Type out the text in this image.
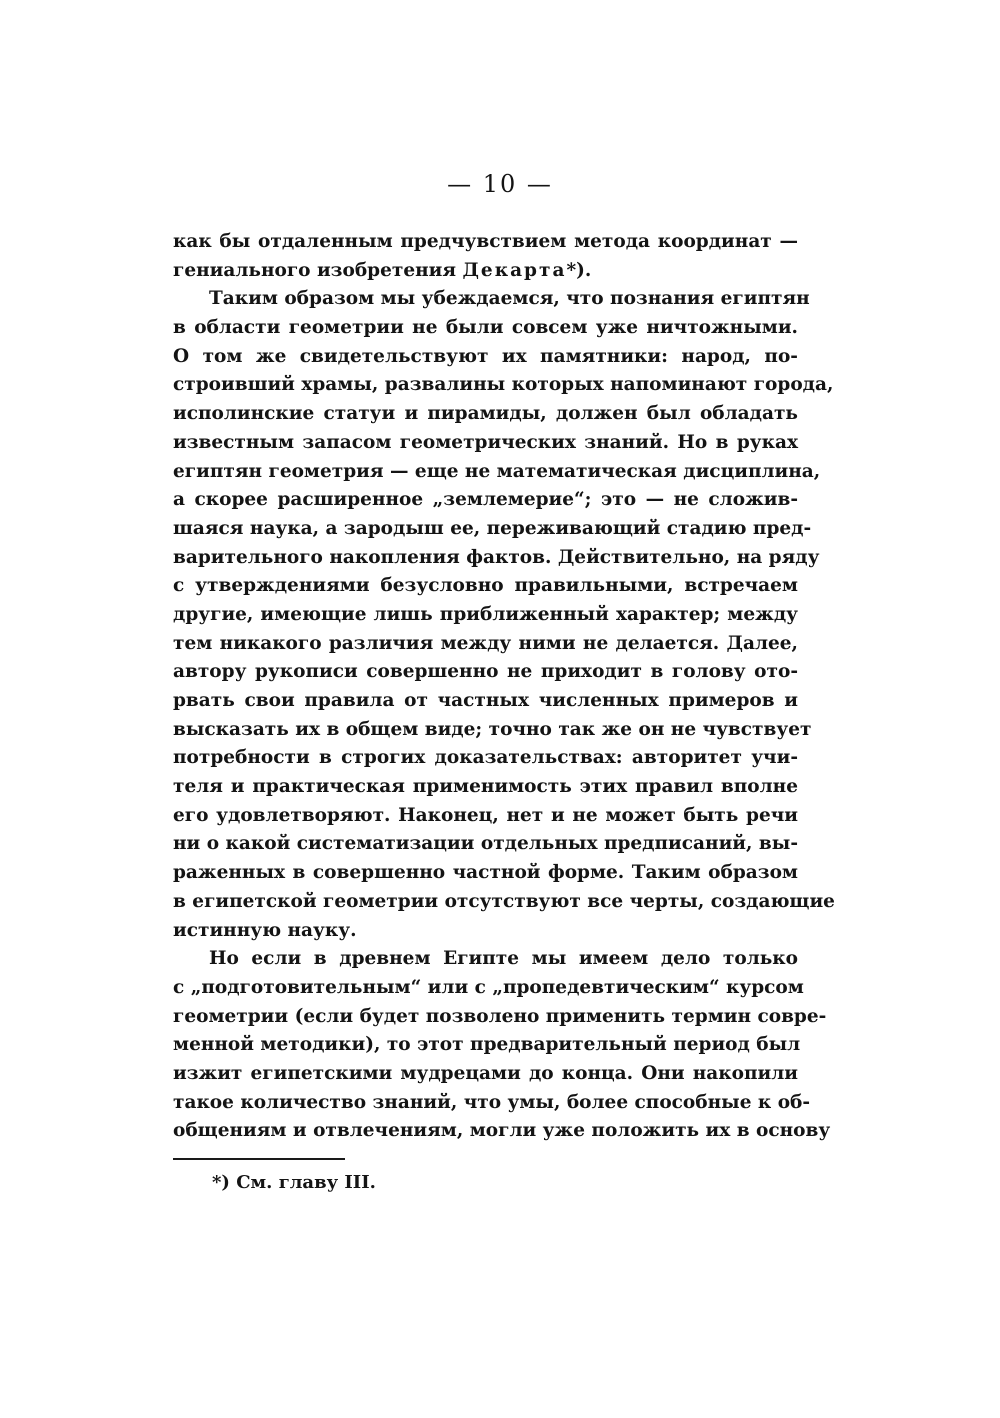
— 10 —
как бы отдаленным предчувствием метода координат —
гениального изобретения Декарта*).
Таким образом мы убеждаемся, что познания египтян
в области геометрии не были совсем уже ничтожными.
О том же свидетельствуют их памятники: народ, по-
строивший храмы, развалины которых напоминают города,
исполинские статуи и пирамиды, должен был обладать
известным запасом геометрических знаний. Но в руках
египтян геометрия — еще не математическая дисциплина,
а скорее расширенное „землемерие“; это — не сложив-
шаяся наука, а зародыш ее, переживающий стадию пред-
варительного накопления фактов. Действительно, на ряду
с утверждениями безусловно правильными, встречаем
другие, имеющие лишь приближенный характер; между
тем никакого различия между ними не делается. Далее,
автору рукописи совершенно не приходит в голову ото-
рвать свои правила от частных численных примеров и
высказать их в общем виде; точно так же он не чувствует
потребности в строгих доказательствах: авторитет учи-
теля и практическая применимость этих правил вполне
его удовлетворяют. Наконец, нет и не может быть речи
ни о какой систематизации отдельных предписаний, вы-
раженных в совершенно частной форме. Таким образом
в египетской геометрии отсутствуют все черты, создающие
истинную науку.
Но если в древнем Египте мы имеем дело только
с „подготовительным“ или с „пропедевтическим“ курсом
геометрии (если будет позволено применить термин совре-
менной методики), то этот предварительный период был
изжит египетскими мудрецами до конца. Они накопили
такое количество знаний, что умы, более способные к об-
общениям и отвлечениям, могли уже положить их в основу
*) См. главу III.
